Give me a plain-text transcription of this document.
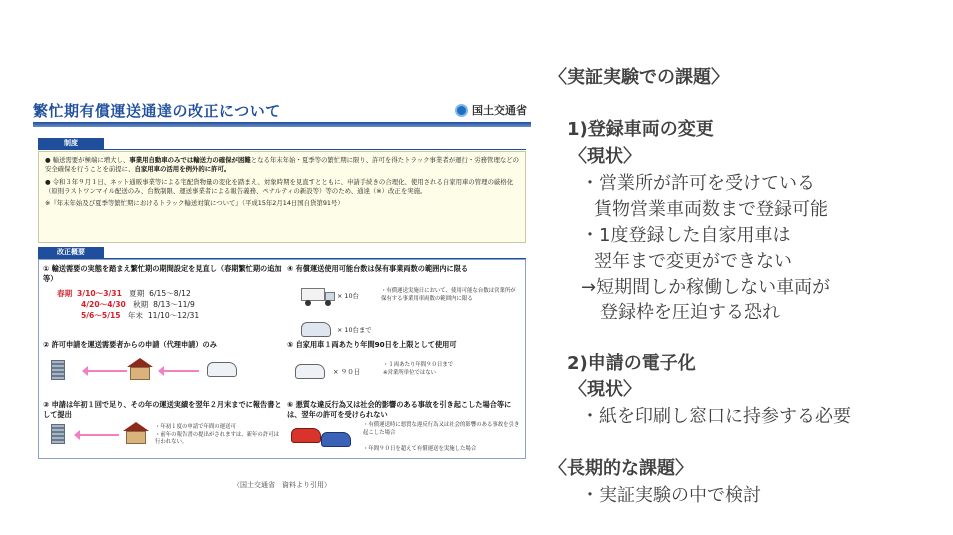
繁忙期有償運送通達の改正について	国土交通省
制度

● 輸送需要が極端に増大し、事業用自動車のみでは輸送力の確保が困難となる年末年始・夏季等の繁忙期に限り、許可を得たトラック事業者が運行・労務管理などの安全確保を行うことを前提に、自家用車の活用を例外的に許可。

● 令和３年９月１日、ネット通販事業等による宅配貨物量の変化を踏まえ、対象時期を見直すとともに、申請手続きの合理化、使用される自家用車の管理の厳格化（原則ラストワンマイル配送のみ、台数制限、運送事業者による報告義務、ペナルティの新設等）等のため、通達（※）改正を実施。

※『年末年始及び夏季等繁忙期におけるトラック輸送対策について』（平成15年2月14日国自貨第91号）

改正概要
① 輸送需要の実態を踏まえ繁忙期の期間設定を見直し（春期繁忙期の追加等）
春期 3/10～3/31 夏期 6/15～8/12
4/20～4/30 秋期 8/13～11/9
5/6～5/15 年末 11/10～12/31
④ 有償運送使用可能台数は保有事業両数の範囲内に限る
× 10台
× 10台まで
・有償運送実施日において、使用可能な台数は営業所が保有する事業用車両数の範囲内に限る
② 許可申請を運送需要者からの申請（代理申請）のみ	⑤ 自家用車１両あたり年間90日を上限として使用可
× ９０日
・１両あたり年間９０日まで
※営業所単位ではない
③ 申請は年初１回で足り、その年の運送実績を翌年２月末までに報告書として提出
・年初１度の申請で年間の運送可
・前年の報告書の提出がされますは、新年の許可は行われない。
⑥ 悪質な違反行為又は社会的影響のある事故を引き起こした場合等には、翌年の許可を受けられない
・有償運送時に悪質な違反行為又は社会的影響のある事故を引き起こした場合
・年間９０日を超えて有償運送を実施した場合
（国土交通省　資料より引用）
〈実証実験での課題〉
1)登録車両の変更
〈現状〉
・営業所が許可を受けている
貨物営業車両数まで登録可能
・1度登録した自家用車は
翌年まで変更ができない
→短期間しか稼働しない車両が
登録枠を圧迫する恐れ
2)申請の電子化
〈現状〉
・紙を印刷し窓口に持参する必要
〈長期的な課題〉
・実証実験の中で検討
